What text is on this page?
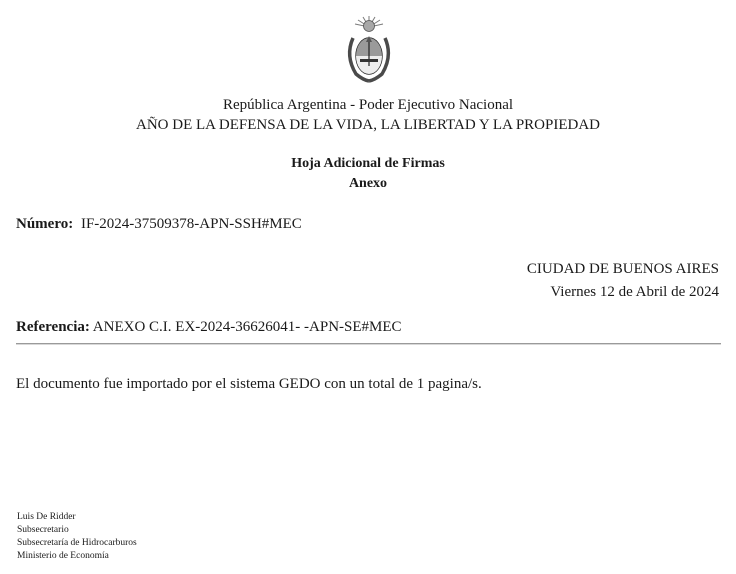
República Argentina - Poder Ejecutivo Nacional
AÑO DE LA DEFENSA DE LA VIDA, LA LIBERTAD Y LA PROPIEDAD
Hoja Adicional de Firmas
Anexo
Número: IF-2024-37509378-APN-SSH#MEC
CIUDAD DE BUENOS AIRES
Viernes 12 de Abril de 2024
Referencia: ANEXO C.I. EX-2024-36626041- -APN-SE#MEC
El documento fue importado por el sistema GEDO con un total de 1 pagina/s.
Luis De Ridder
Subsecretario
Subsecretaría de Hidrocarburos
Ministerio de Economía
